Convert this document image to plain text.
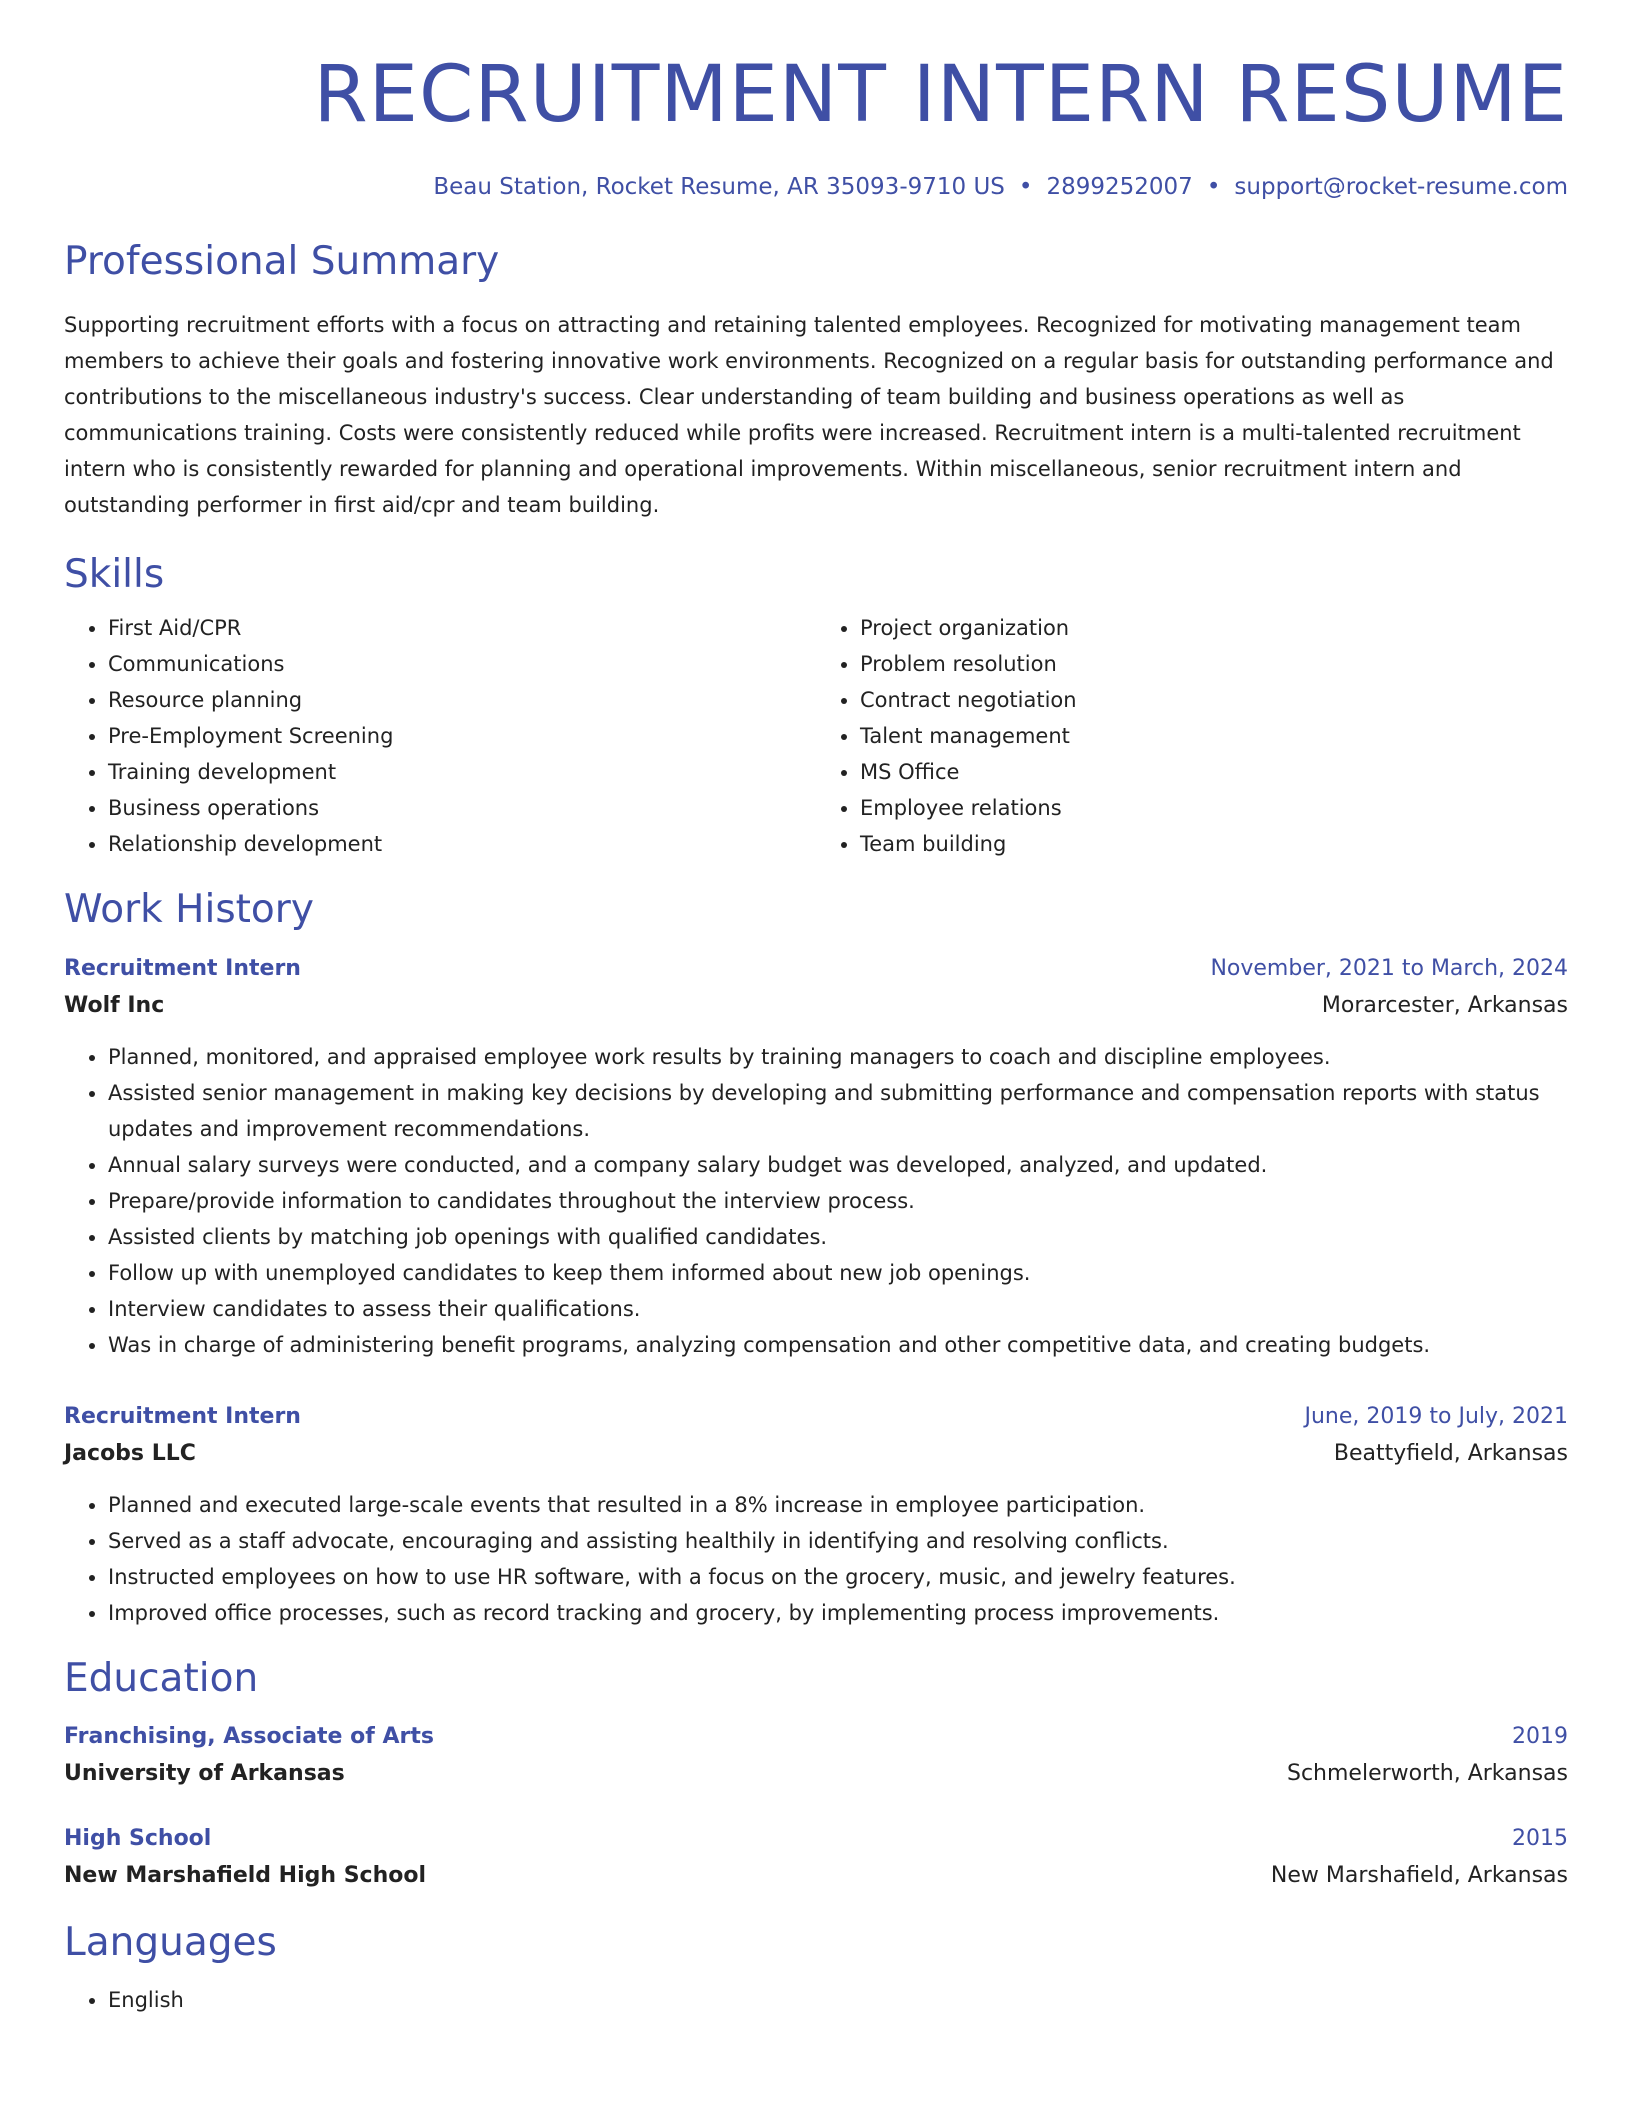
RECRUITMENT INTERN RESUME
Beau Station, Rocket Resume, AR 35093-9710 US • 2899252007 • support@rocket-resume.com
Professional Summary

Supporting recruitment efforts with a focus on attracting and retaining talented employees. Recognized for motivating management team members to achieve their goals and fostering innovative work environments. Recognized on a regular basis for outstanding performance and contributions to the miscellaneous industry's success. Clear understanding of team building and business operations as well as communications training. Costs were consistently reduced while profits were increased. Recruitment intern is a multi-talented recruitment intern who is consistently rewarded for planning and operational improvements. Within miscellaneous, senior recruitment intern and outstanding performer in first aid/cpr and team building.

Skills
• First Aid/CPR
• Communications
• Resource planning
• Pre-Employment Screening
• Training development
• Business operations
• Relationship development
• Project organization
• Problem resolution
• Contract negotiation
• Talent management
• MS Office
• Employee relations
• Team building
Work History
Recruitment Intern	November, 2021 to March, 2024
Wolf Inc	Morarcester, Arkansas
• Planned, monitored, and appraised employee work results by training managers to coach and discipline employees.
• Assisted senior management in making key decisions by developing and submitting performance and compensation reports with status updates and improvement recommendations.
• Annual salary surveys were conducted, and a company salary budget was developed, analyzed, and updated.
• Prepare/provide information to candidates throughout the interview process.
• Assisted clients by matching job openings with qualified candidates.
• Follow up with unemployed candidates to keep them informed about new job openings.
• Interview candidates to assess their qualifications.
• Was in charge of administering benefit programs, analyzing compensation and other competitive data, and creating budgets.
Recruitment Intern	June, 2019 to July, 2021
Jacobs LLC	Beattyfield, Arkansas
• Planned and executed large-scale events that resulted in a 8% increase in employee participation.
• Served as a staff advocate, encouraging and assisting healthily in identifying and resolving conflicts.
• Instructed employees on how to use HR software, with a focus on the grocery, music, and jewelry features.
• Improved office processes, such as record tracking and grocery, by implementing process improvements.
Education
Franchising, Associate of Arts	2019
University of Arkansas	Schmelerworth, Arkansas
High School	2015
New Marshafield High School	New Marshafield, Arkansas
Languages
• English
